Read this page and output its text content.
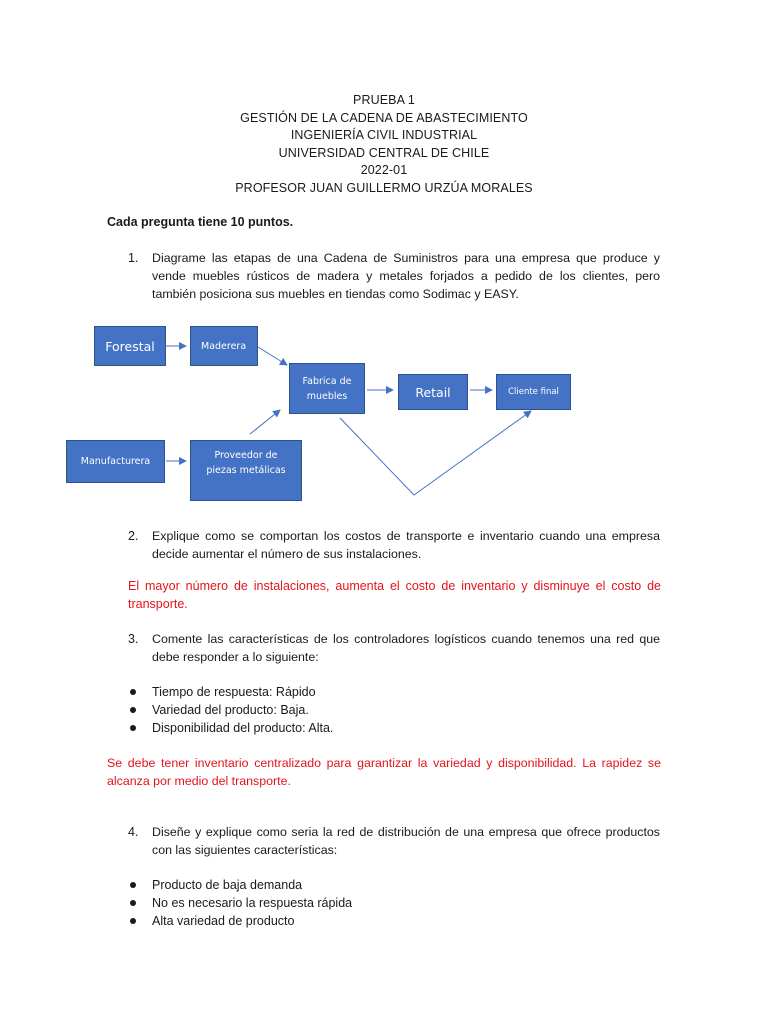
PRUEBA 1
GESTIÓN DE LA CADENA DE ABASTECIMIENTO
INGENIERÍA CIVIL INDUSTRIAL
UNIVERSIDAD CENTRAL DE CHILE
2022-01
PROFESOR JUAN GUILLERMO URZÚA MORALES
Cada pregunta tiene 10 puntos.
1. Diagrame las etapas de una Cadena de Suministros para una empresa que produce y vende muebles rústicos de madera y metales forjados a pedido de los clientes, pero también posiciona sus muebles en tiendas como Sodimac y EASY.
Forestal	Maderera
Fabrica de muebles	Retail	Cliente final
Manufacturera
Proveedor de piezas metálicas
2. Explique como se comportan los costos de transporte e inventario cuando una empresa decide aumentar el número de sus instalaciones.
El mayor número de instalaciones, aumenta el costo de inventario y disminuye el costo de transporte.
3. Comente las características de los controladores logísticos cuando tenemos una red que debe responder a lo siguiente:
Tiempo de respuesta: Rápido
Variedad del producto: Baja.
Disponibilidad del producto: Alta.
Se debe tener inventario centralizado para garantizar la variedad y disponibilidad. La rapidez se alcanza por medio del transporte.
4. Diseñe y explique como seria la red de distribución de una empresa que ofrece productos con las siguientes características:
Producto de baja demanda
No es necesario la respuesta rápida
Alta variedad de producto
